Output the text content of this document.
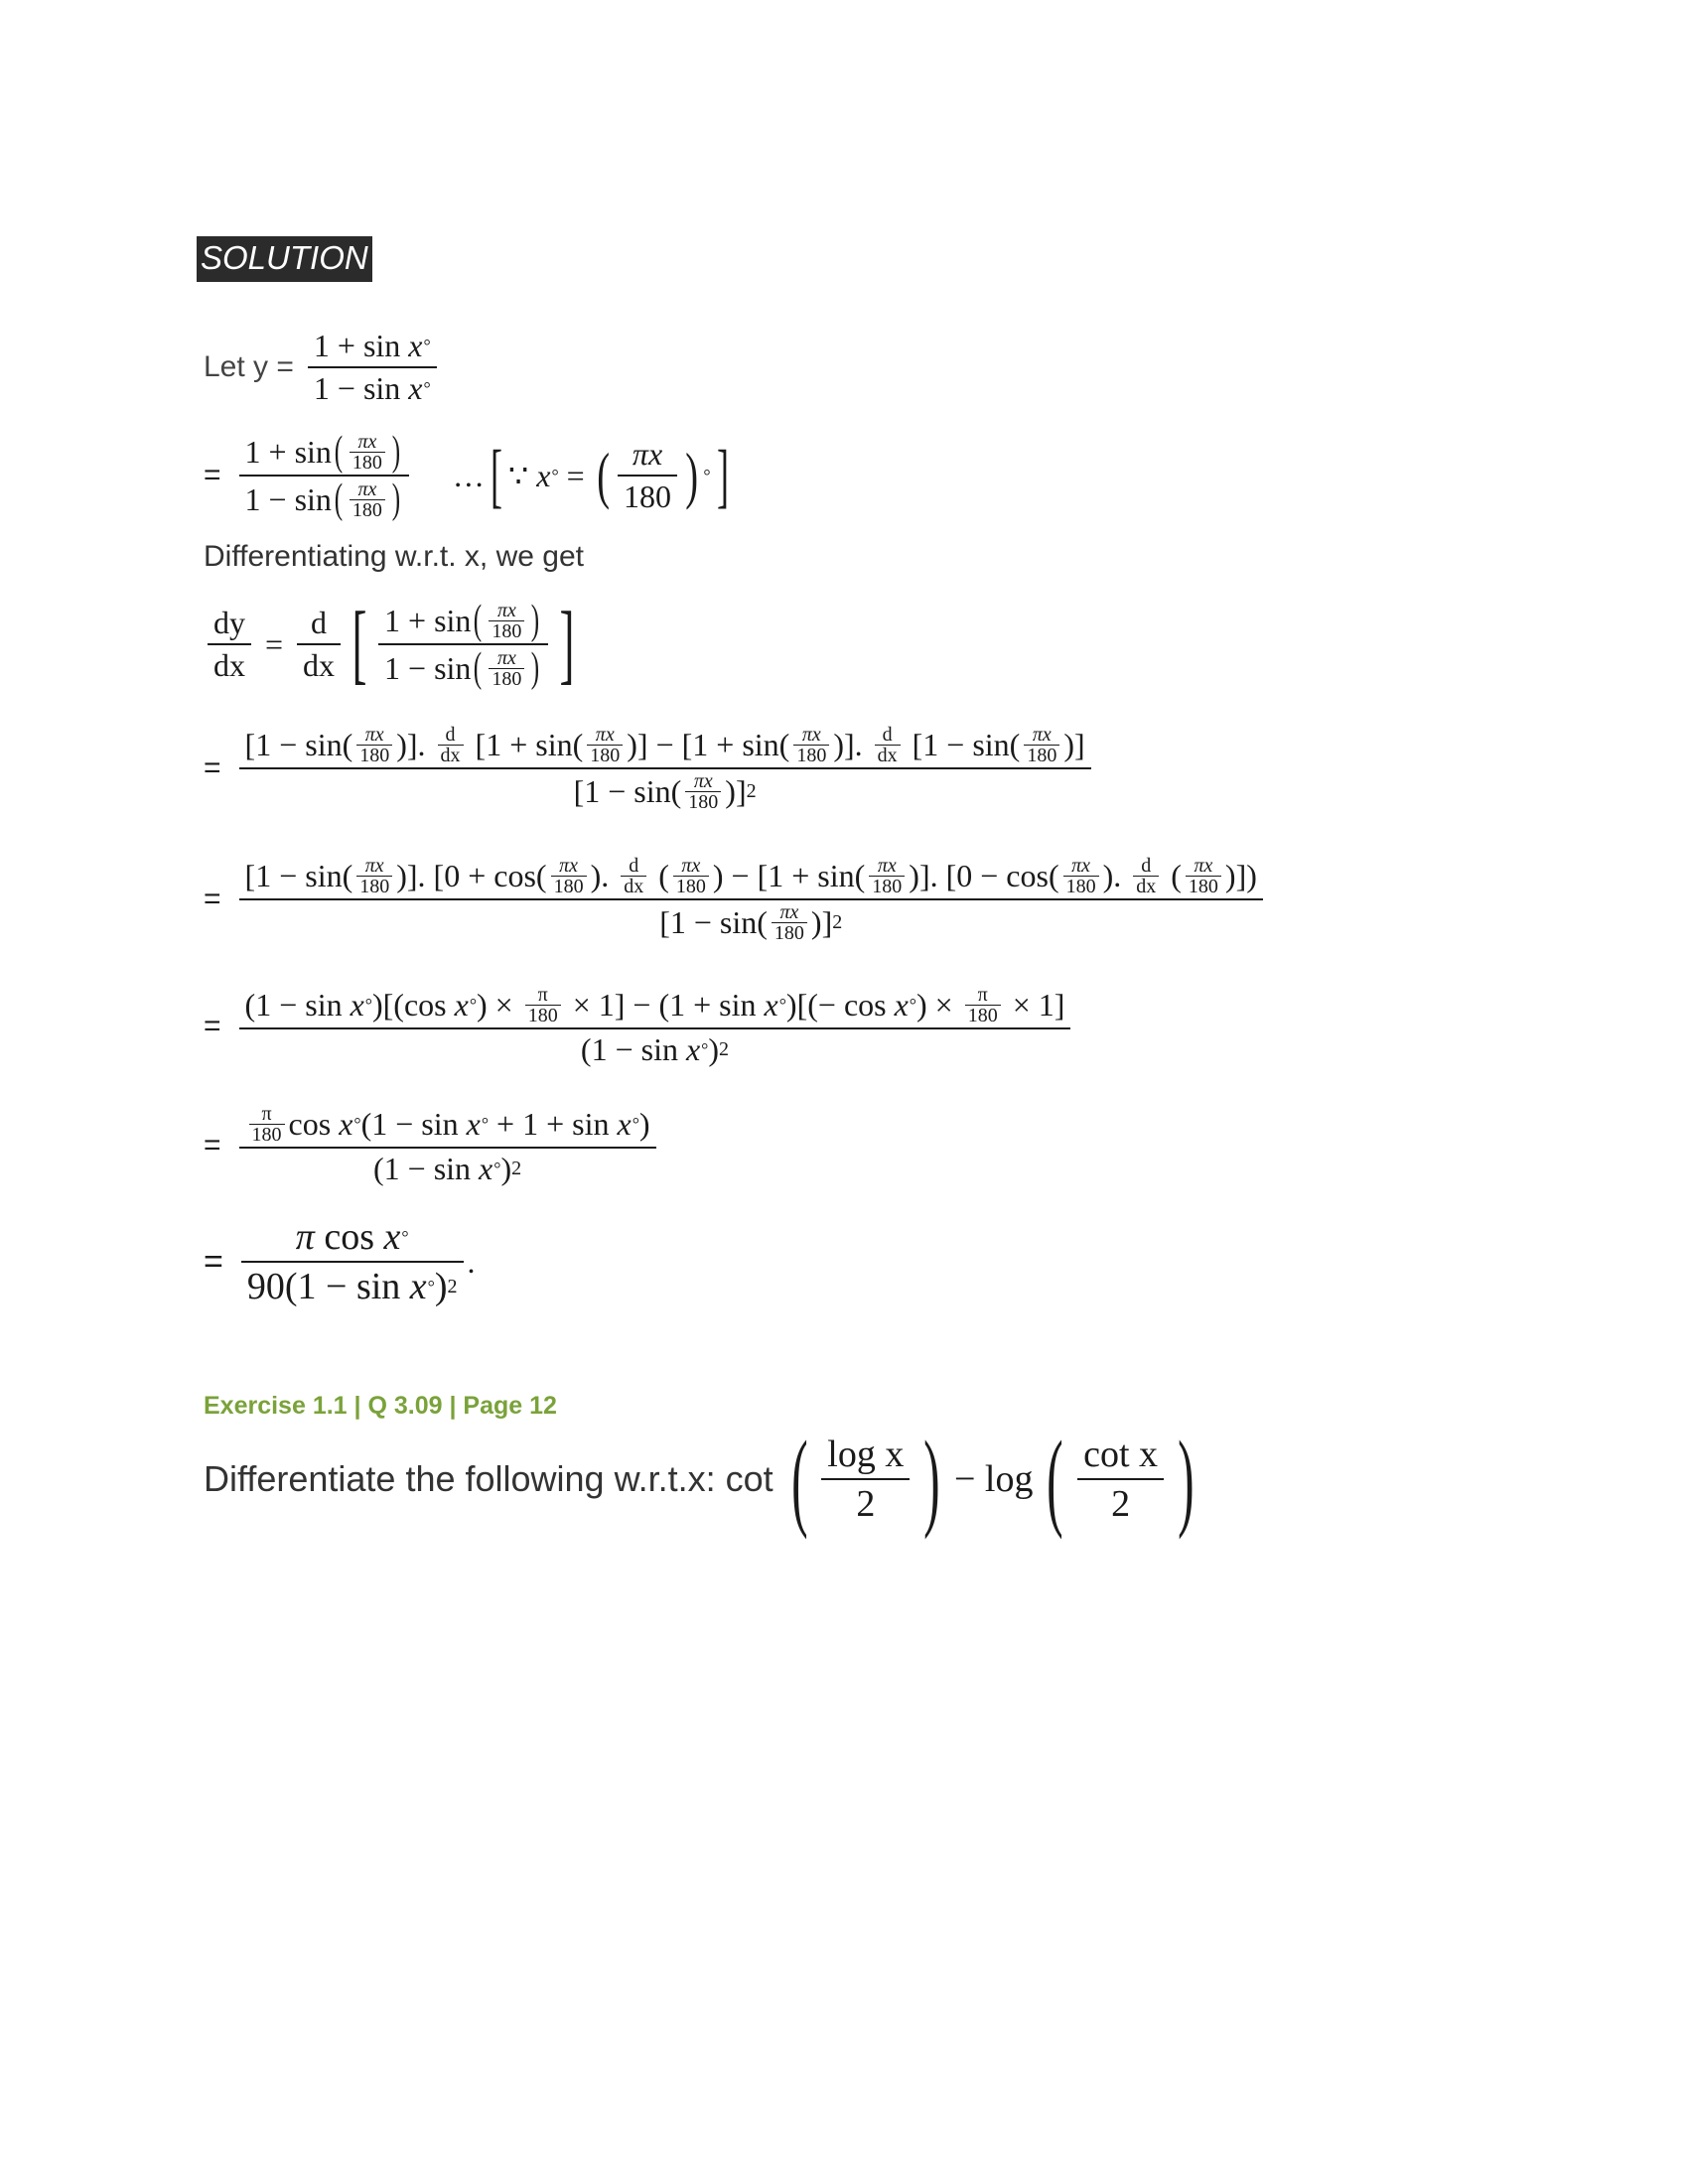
SOLUTION
Let $y = \frac{\text{1 + sin x °}}{\text{1 − sin x °}}$
= $\frac{1 + \sin ( \frac{\pi x}{180} )}{1 - \sin ( \frac{\pi x}{180} )}$ … [ ∵ x ° = ( $\frac{\pi x}{180}$ ) ° ]
Differentiating w.r.t. x, we get
$\frac{dy}{dx} = \frac{d}{dx}$ [ $\frac{1 + \sin ( \frac{\pi x}{180} )}{1 - \sin ( \frac{\pi x}{180} )}$ ]
=
[$1 - \sin( \frac{\pi x}{180}$ )]. $\frac{d}{dx} [1 + \sin( \frac{\pi x}{180}$ )] − [$1 + \sin( \frac{\pi x}{180}$ )]. $\frac{d}{dx} [1 - \sin( \frac{\pi x}{180}$ )]
[$1 - \sin( \frac{\pi x}{180}$ )] 2
=
[$1 - \sin( \frac{\pi x}{180}$ )]. [$0 + \cos( \frac{\pi x}{180}$ ). $\frac{d}{dx}$ ( $\frac{\pi x}{180}$ ) − [$1 + \sin( \frac{\pi x}{180}$ )]. [$0 - \cos( \frac{\pi x}{180}$ ). $\frac{d}{dx}$ ( $\frac{\pi x}{180}$ )])
[$1 - \sin( \frac{\pi x}{180}$ )] 2
=
(1 − sin x ° )[(cos x ° ) × $\frac{\pi}{180} \times 1] - (1 + \sin x$ ° )[(− cos x ° ) × $\frac{\pi}{180} \times 1$]
(1 − sin x ° ) 2
= $\frac{\frac{\pi}{180} \cos x ^\circ (1 - \sin x ^\circ + 1 + \sin x ^\circ )}{\text{(1 − sin x ° ) 2}}$
= $\frac{\text{π cos x °}}{\text{90(1 − sin x ° ) 2}}$ .
Exercise 1.1 | Q 3.09 | Page 12
Differentiate the following w.r.t.x: cot ( $\frac{\text{log x}}{2}$ ) − log ( $\frac{\text{cot x}}{2}$ )
